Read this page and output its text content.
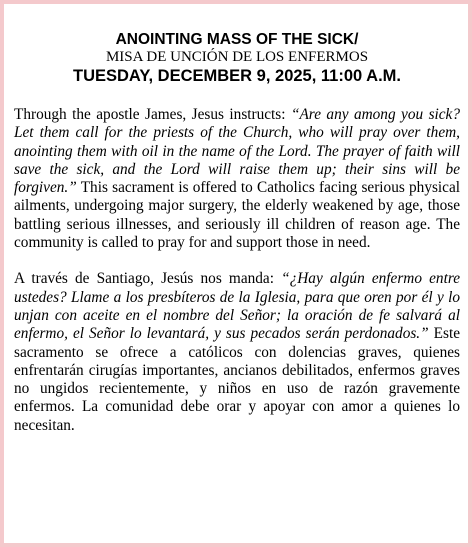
ANOINTING MASS OF THE SICK/
MISA DE UNCIÓN DE LOS ENFERMOS
TUESDAY, DECEMBER 9, 2025, 11:00 A.M.

Through the apostle James, Jesus instructs: “Are any among you sick? Let them call for the priests of the Church, who will pray over them, anointing them with oil in the name of the Lord. The prayer of faith will save the sick, and the Lord will raise them up; their sins will be forgiven.” This sacrament is offered to Catholics facing serious physical ailments, undergoing major surgery, the elderly weakened by age, those battling serious illnesses, and seriously ill children of reason age. The community is called to pray for and support those in need.

A través de Santiago, Jesús nos manda: “¿Hay algún enfermo entre ustedes? Llame a los presbíteros de la Iglesia, para que oren por él y lo unjan con aceite en el nombre del Señor; la oración de fe salvará al enfermo, el Señor lo levantará, y sus pecados serán perdonados.” Este sacramento se ofrece a católicos con dolencias graves, quienes enfrentarán cirugías importantes, ancianos debilitados, enfermos graves no ungidos recientemente, y niños en uso de razón gravemente enfermos. La comunidad debe orar y apoyar con amor a quienes lo necesitan.
